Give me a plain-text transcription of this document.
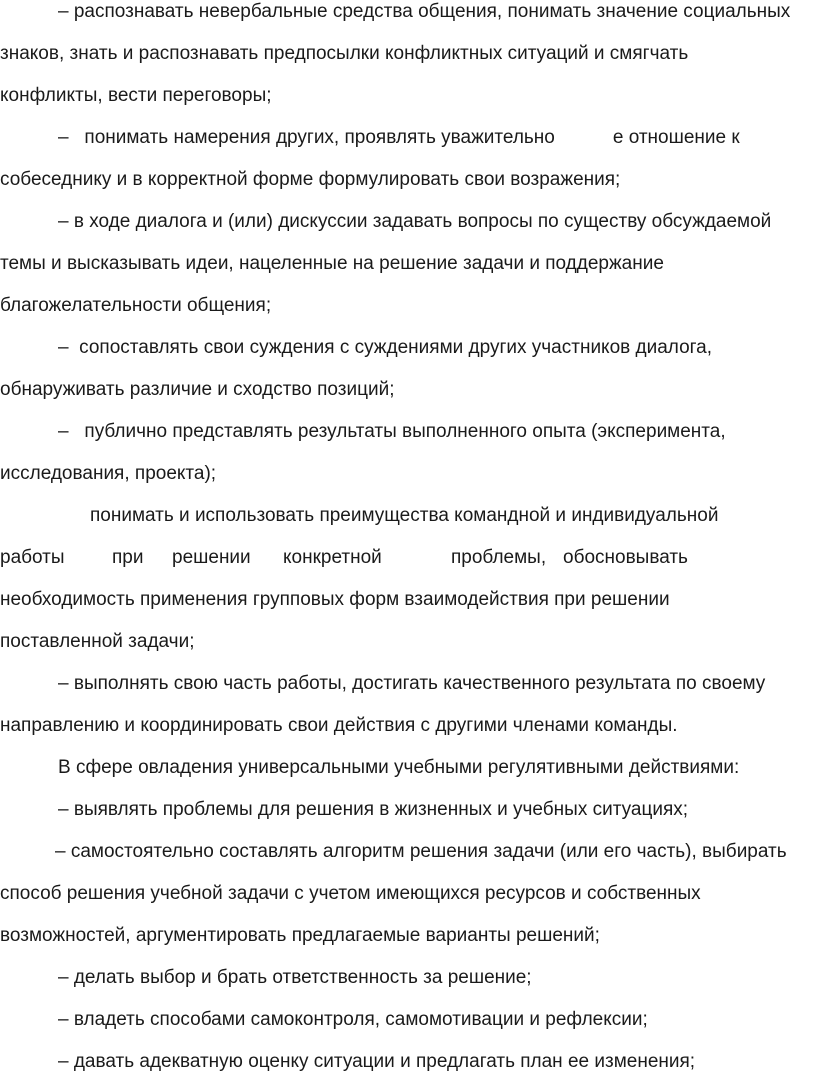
– распознавать невербальные средства общения, понимать значение социальных
знаков, знать и распознавать предпосылки конфликтных ситуаций и смягчать
конфликты, вести переговоры;
–   понимать намерения других, проявлять уважительно	е отношение к
собеседнику и в корректной форме формулировать свои возражения;
– в ходе диалога и (или) дискуссии задавать вопросы по существу обсуждаемой
темы и высказывать идеи, нацеленные на решение задачи и поддержание
благожелательности общения;
–  сопоставлять свои суждения с суждениями других участников диалога,
обнаруживать различие и сходство позиций;
–   публично представлять результаты выполненного опыта (эксперимента,
исследования, проекта);
понимать и использовать преимущества командной и индивидуальной
работы при решении конкретной	проблемы, обосновывать
необходимость применения групповых форм взаимодействия при решении
поставленной задачи;
– выполнять свою часть работы, достигать качественного результата по своему
направлению и координировать свои действия с другими членами команды.
В сфере овладения универсальными учебными регулятивными действиями:
– выявлять проблемы для решения в жизненных и учебных ситуациях;
– самостоятельно составлять алгоритм решения задачи (или его часть), выбирать
способ решения учебной задачи с учетом имеющихся ресурсов и собственных
возможностей, аргументировать предлагаемые варианты решений;
– делать выбор и брать ответственность за решение;
– владеть способами самоконтроля, самомотивации и рефлексии;
– давать адекватную оценку ситуации и предлагать план ее изменения;
